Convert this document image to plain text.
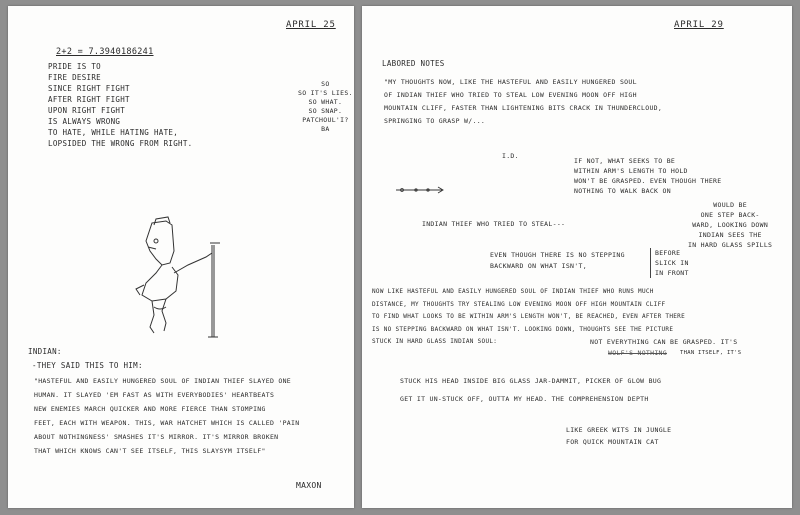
APRIL 25

2+2 = 7.3940186241

PRIDE IS TO

FIRE DESIRE

SINCE RIGHT FIGHT

AFTER RIGHT FIGHT

UPON RIGHT FIGHT

IS ALWAYS WRONG

TO HATE, WHILE HATING HATE,

LOPSIDED THE WRONG FROM RIGHT.

SO

SO IT'S LIES.

SO WHAT.

SO SNAP.

PATCHOUL'I?

BA

INDIAN:

-THEY SAID THIS TO HIM:

"HASTEFUL AND EASILY HUNGERED SOUL OF INDIAN THIEF SLAYED ONE

HUMAN. IT SLAYED 'EM FAST AS WITH EVERYBODIES' HEARTBEATS

NEW ENEMIES MARCH QUICKER AND MORE FIERCE THAN STOMPING

FEET, EACH WITH WEAPON. THIS, WAR HATCHET WHICH IS CALLED 'PAIN

ABOUT NOTHINGNESS' SMASHES IT'S MIRROR. IT'S MIRROR BROKEN

THAT WHICH KNOWS CAN'T SEE ITSELF, THIS SLAYSYM ITSELF"

MAXON

APRIL 29

LABORED NOTES

"MY THOUGHTS NOW, LIKE THE HASTEFUL AND EASILY HUNGERED SOUL

OF INDIAN THIEF WHO TRIED TO STEAL LOW EVENING MOON OFF HIGH

MOUNTAIN CLIFF, FASTER THAN LIGHTENING BITS CRACK IN THUNDERCLOUD,

SPRINGING TO GRASP W/...

I.D.

IF NOT, WHAT SEEKS TO BE

WITHIN ARM'S LENGTH TO HOLD

WON'T BE GRASPED. EVEN THOUGH THERE

NOTHING TO WALK BACK ON

WOULD BE

ONE STEP BACK-

WARD, LOOKING DOWN

INDIAN SEES THE

IN HARD GLASS SPILLS

INDIAN THIEF WHO TRIED TO STEAL---

EVEN THOUGH THERE IS NO STEPPING

BACKWARD ON WHAT ISN'T,

BEFORE

SLICK IN

IN FRONT

NOW LIKE HASTEFUL AND EASILY HUNGERED SOUL OF INDIAN THIEF WHO RUNS MUCH

DISTANCE, MY THOUGHTS TRY STEALING LOW EVENING MOON OFF HIGH MOUNTAIN CLIFF

TO FIND WHAT LOOKS TO BE WITHIN ARM'S LENGTH WON'T, BE REACHED, EVEN AFTER THERE

IS NO STEPPING BACKWARD ON WHAT ISN'T. LOOKING DOWN, THOUGHTS SEE THE PICTURE

STUCK IN HARD GLASS INDIAN SOUL:	NOT EVERYTHING CAN BE GRASPED. IT'S

WOLF'S NOTHING THAN ITSELF, IT'S

STUCK HIS HEAD INSIDE BIG GLASS JAR-DAMMIT, PICKER OF GLOW BUG

GET IT UN-STUCK OFF, OUTTA MY HEAD. THE COMPREHENSION DEPTH

LIKE GREEK WITS IN JUNGLE

FOR QUICK MOUNTAIN CAT
